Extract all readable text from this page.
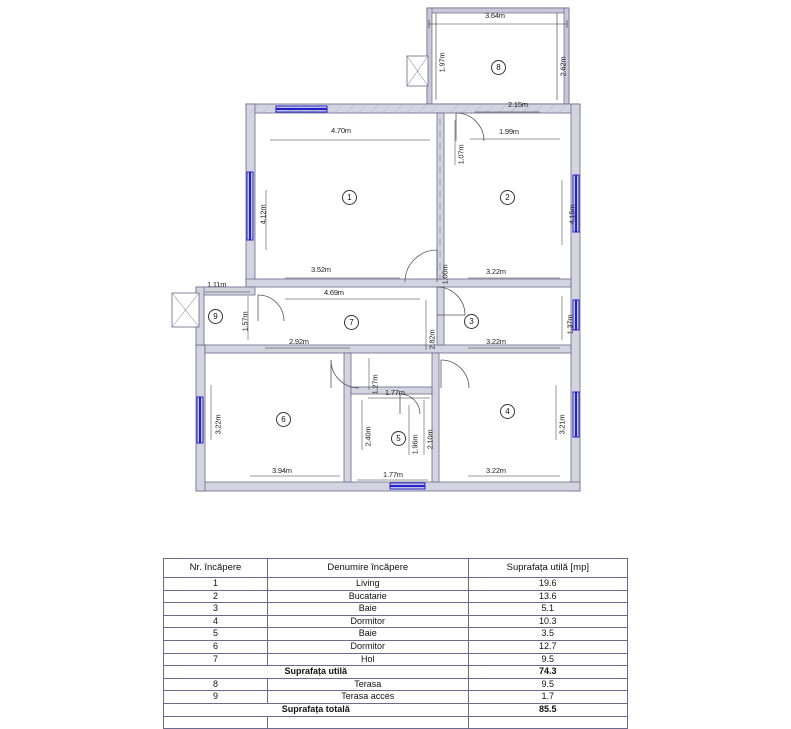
1	2
3
4
5
6
7
8
9
3.64m
1.97m	2.62m
2.15m
1.99m
4.70m
1.07m
4.12m	4.15m
3.52m	1.00m	3.22m
4.69m
1.11m
1.57m	1.37m
2.92m	3.22m
2.82m
1.27m 1.77m
3.22m	3.21m
2.40m	1.96m 2.10m
3.94m	1.77m	3.22m
Nr. încăpere	Denumire încăpere	Suprafața utilă [mp]
1	Living	19.6
2	Bucatarie	13.6
3	Baie	5.1
4	Dormitor	10.3
5	Baie	3.5
6	Dormitor	12.7
7	Hol	9.5
Suprafața utilă		74.3
8	Terasa	9.5
9	Terasa acces	1.7
Suprafața totală		85.5
